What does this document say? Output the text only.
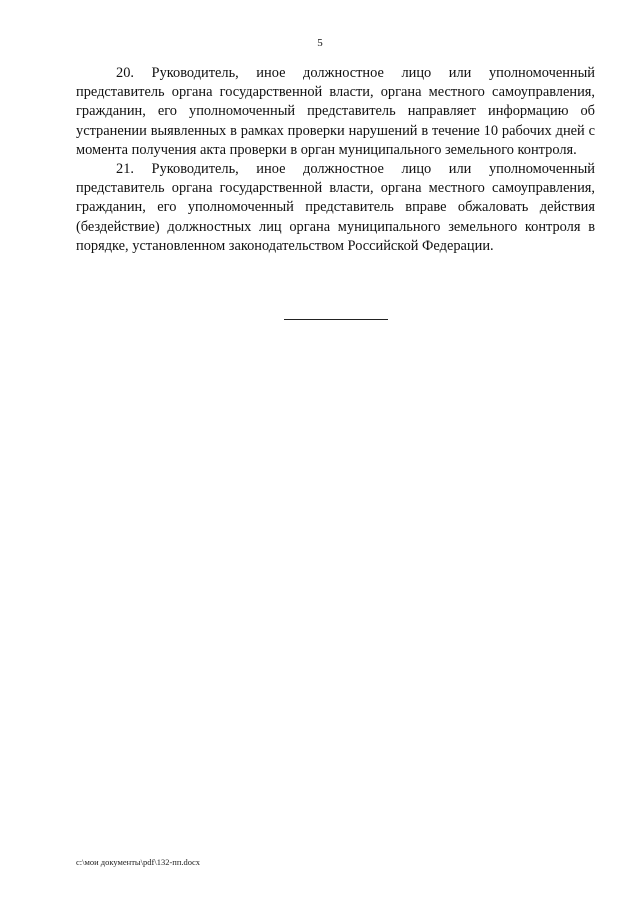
5

20. Руководитель, иное должностное лицо или уполномоченный представитель органа государственной власти, органа местного самоуправления, гражданин, его уполномоченный представитель направляет информацию об устранении выявленных в рамках проверки нарушений в течение 10 рабочих дней с момента получения акта проверки в орган муниципального земельного контроля.

21. Руководитель, иное должностное лицо или уполномоченный представитель органа государственной власти, органа местного самоуправления, гражданин, его уполномоченный представитель вправе обжаловать действия (бездействие) должностных лиц органа муниципального земельного контроля в порядке, установленном законодательством Российской Федерации.

c:\мои документы\pdf\132-пп.docx
